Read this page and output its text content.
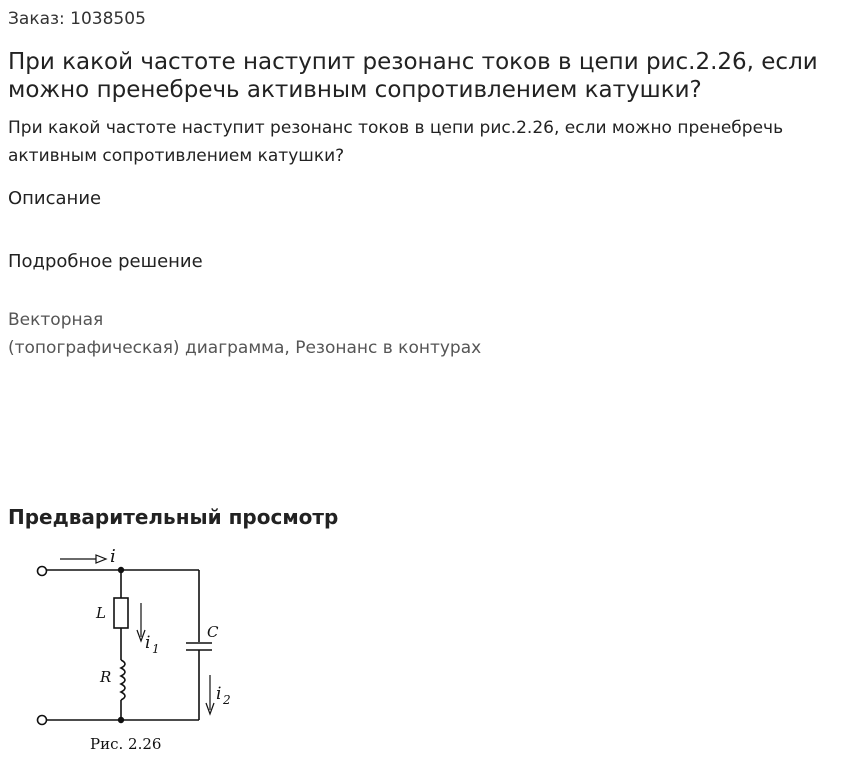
Заказ: 1038505
При какой частоте наступит резонанс токов в цепи рис.2.26, если можно пренебречь активным сопротивлением катушки?

При какой частоте наступит резонанс токов в цепи рис.2.26, если можно пренебречь активным сопротивлением катушки?

Описание
Подробное решение
Векторная
(топографическая) диаграмма, Резонанс в контурах
Предварительный просмотр
i
L
i 1
R
C
i 2
Рис. 2.26
